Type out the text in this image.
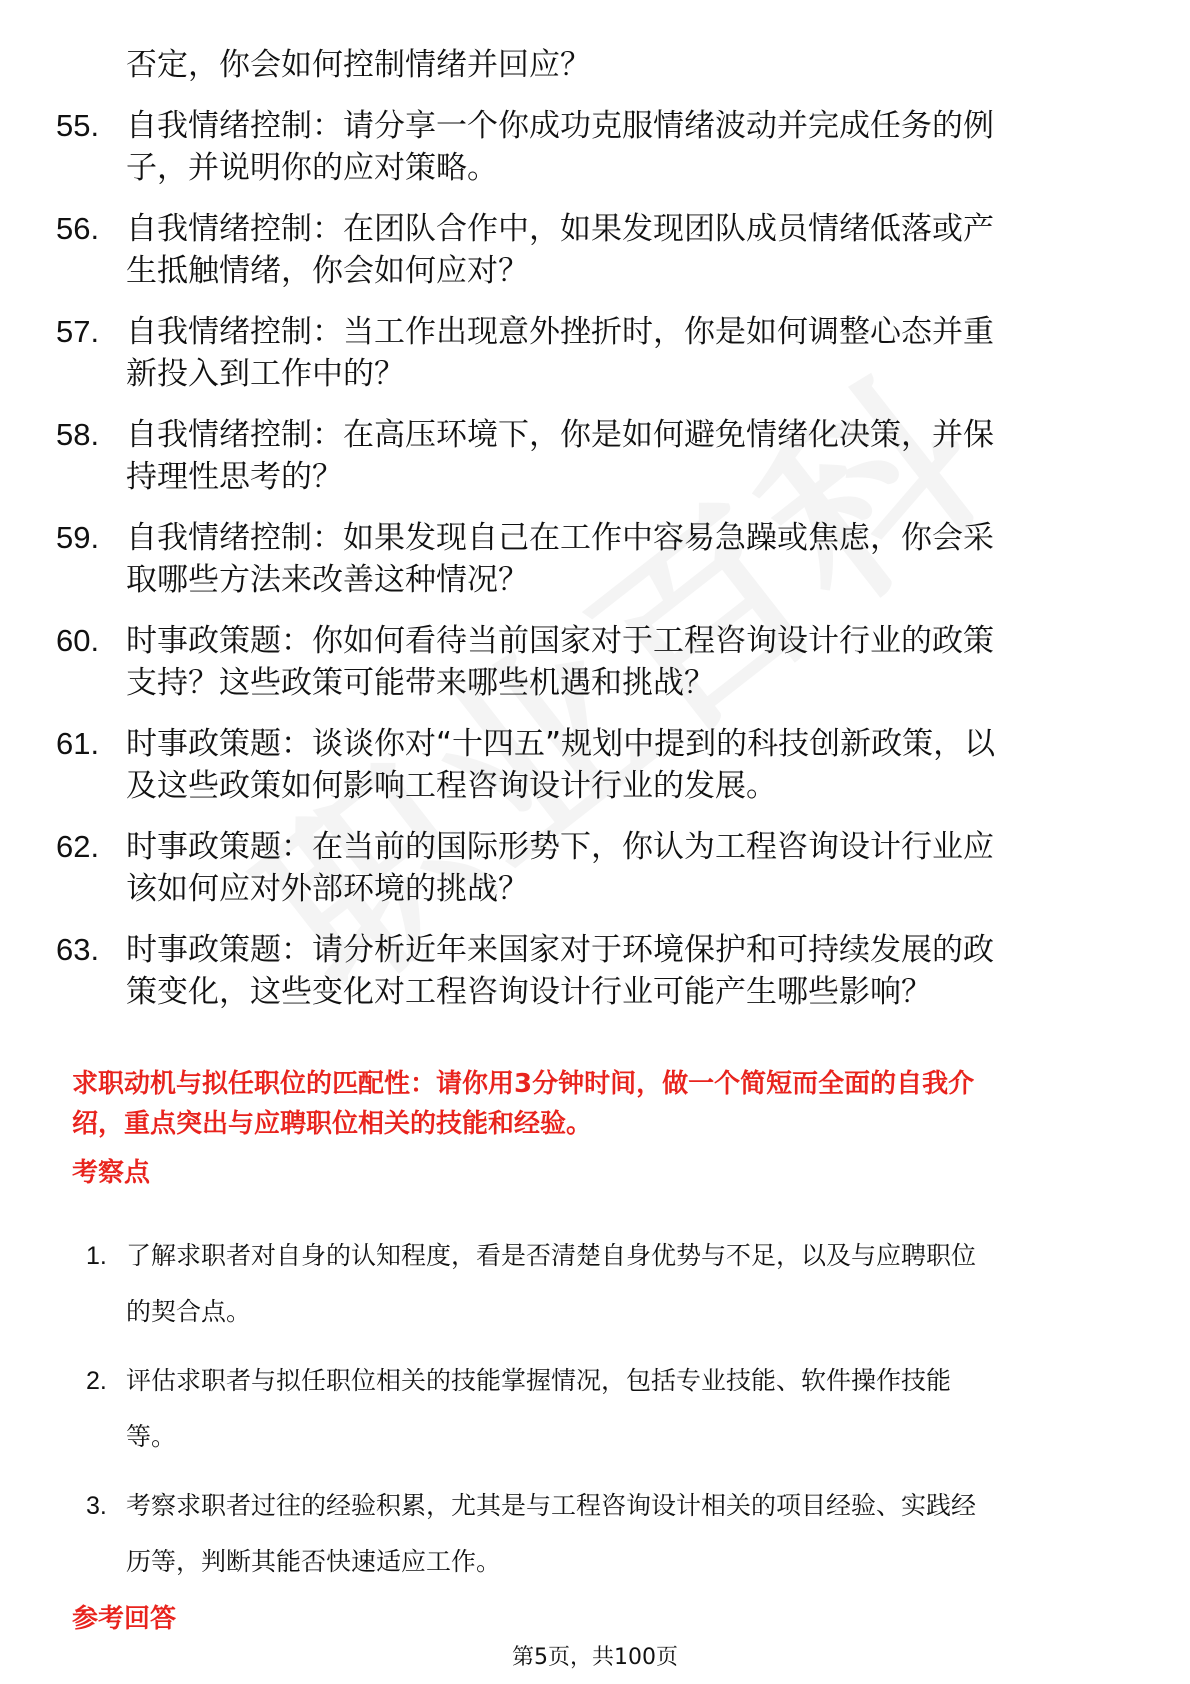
否定，你会如何控制情绪并回应？
55. 自我情绪控制：请分享一个你成功克服情绪波动并完成任务的例
子，并说明你的应对策略。
56. 自我情绪控制：在团队合作中，如果发现团队成员情绪低落或产
生抵触情绪，你会如何应对？
57. 自我情绪控制：当工作出现意外挫折时，你是如何调整心态并重
新投入到工作中的？
58. 自我情绪控制：在高压环境下，你是如何避免情绪化决策，并保
持理性思考的？
59. 自我情绪控制：如果发现自己在工作中容易急躁或焦虑，你会采
取哪些方法来改善这种情况？
60. 时事政策题：你如何看待当前国家对于工程咨询设计行业的政策
支持？这些政策可能带来哪些机遇和挑战？
61. 时事政策题：谈谈你对“十四五”规划中提到的科技创新政策，以
及这些政策如何影响工程咨询设计行业的发展。
62. 时事政策题：在当前的国际形势下，你认为工程咨询设计行业应
该如何应对外部环境的挑战？
63. 时事政策题：请分析近年来国家对于环境保护和可持续发展的政
策变化，这些变化对工程咨询设计行业可能产生哪些影响？
求职动机与拟任职位的匹配性：请你用3分钟时间，做一个简短而全面的自我介
绍，重点突出与应聘职位相关的技能和经验。
考察点
1. 了解求职者对自身的认知程度，看是否清楚自身优势与不足，以及与应聘职位
的契合点。
2. 评估求职者与拟任职位相关的技能掌握情况，包括专业技能、软件操作技能
等。
3. 考察求职者过往的经验积累，尤其是与工程咨询设计相关的项目经验、实践经
历等，判断其能否快速适应工作。
参考回答
第5页，共100页
